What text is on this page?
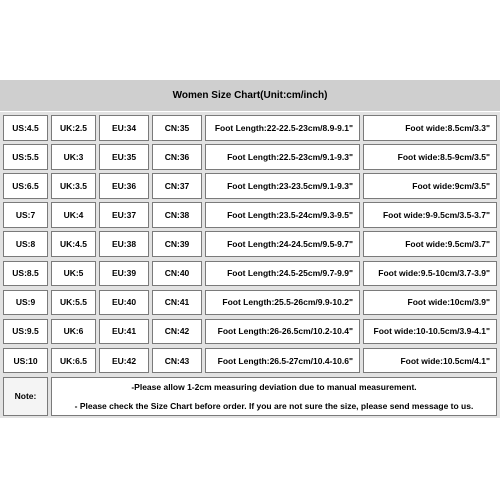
Women Size Chart(Unit:cm/inch)
US:4.5	UK:2.5	EU:34	CN:35	Foot Length:22-22.5-23cm/8.9-9.1"	Foot wide:8.5cm/3.3"
US:5.5	UK:3	EU:35	CN:36	Foot Length:22.5-23cm/9.1-9.3"	Foot wide:8.5-9cm/3.5"
US:6.5	UK:3.5	EU:36	CN:37	Foot Length:23-23.5cm/9.1-9.3"	Foot wide:9cm/3.5"
US:7	UK:4	EU:37	CN:38	Foot Length:23.5-24cm/9.3-9.5"	Foot wide:9-9.5cm/3.5-3.7"
US:8	UK:4.5	EU:38	CN:39	Foot Length:24-24.5cm/9.5-9.7"	Foot wide:9.5cm/3.7"
US:8.5	UK:5	EU:39	CN:40	Foot Length:24.5-25cm/9.7-9.9"	Foot wide:9.5-10cm/3.7-3.9"
US:9	UK:5.5	EU:40	CN:41	Foot Length:25.5-26cm/9.9-10.2"	Foot wide:10cm/3.9"
US:9.5	UK:6	EU:41	CN:42	Foot Length:26-26.5cm/10.2-10.4"	Foot wide:10-10.5cm/3.9-4.1"
US:10	UK:6.5	EU:42	CN:43	Foot Length:26.5-27cm/10.4-10.6"	Foot wide:10.5cm/4.1"
Note:
-Please allow 1-2cm measuring deviation due to manual measurement.
- Please check the Size Chart before order. If you are not sure the size, please send message to us.
